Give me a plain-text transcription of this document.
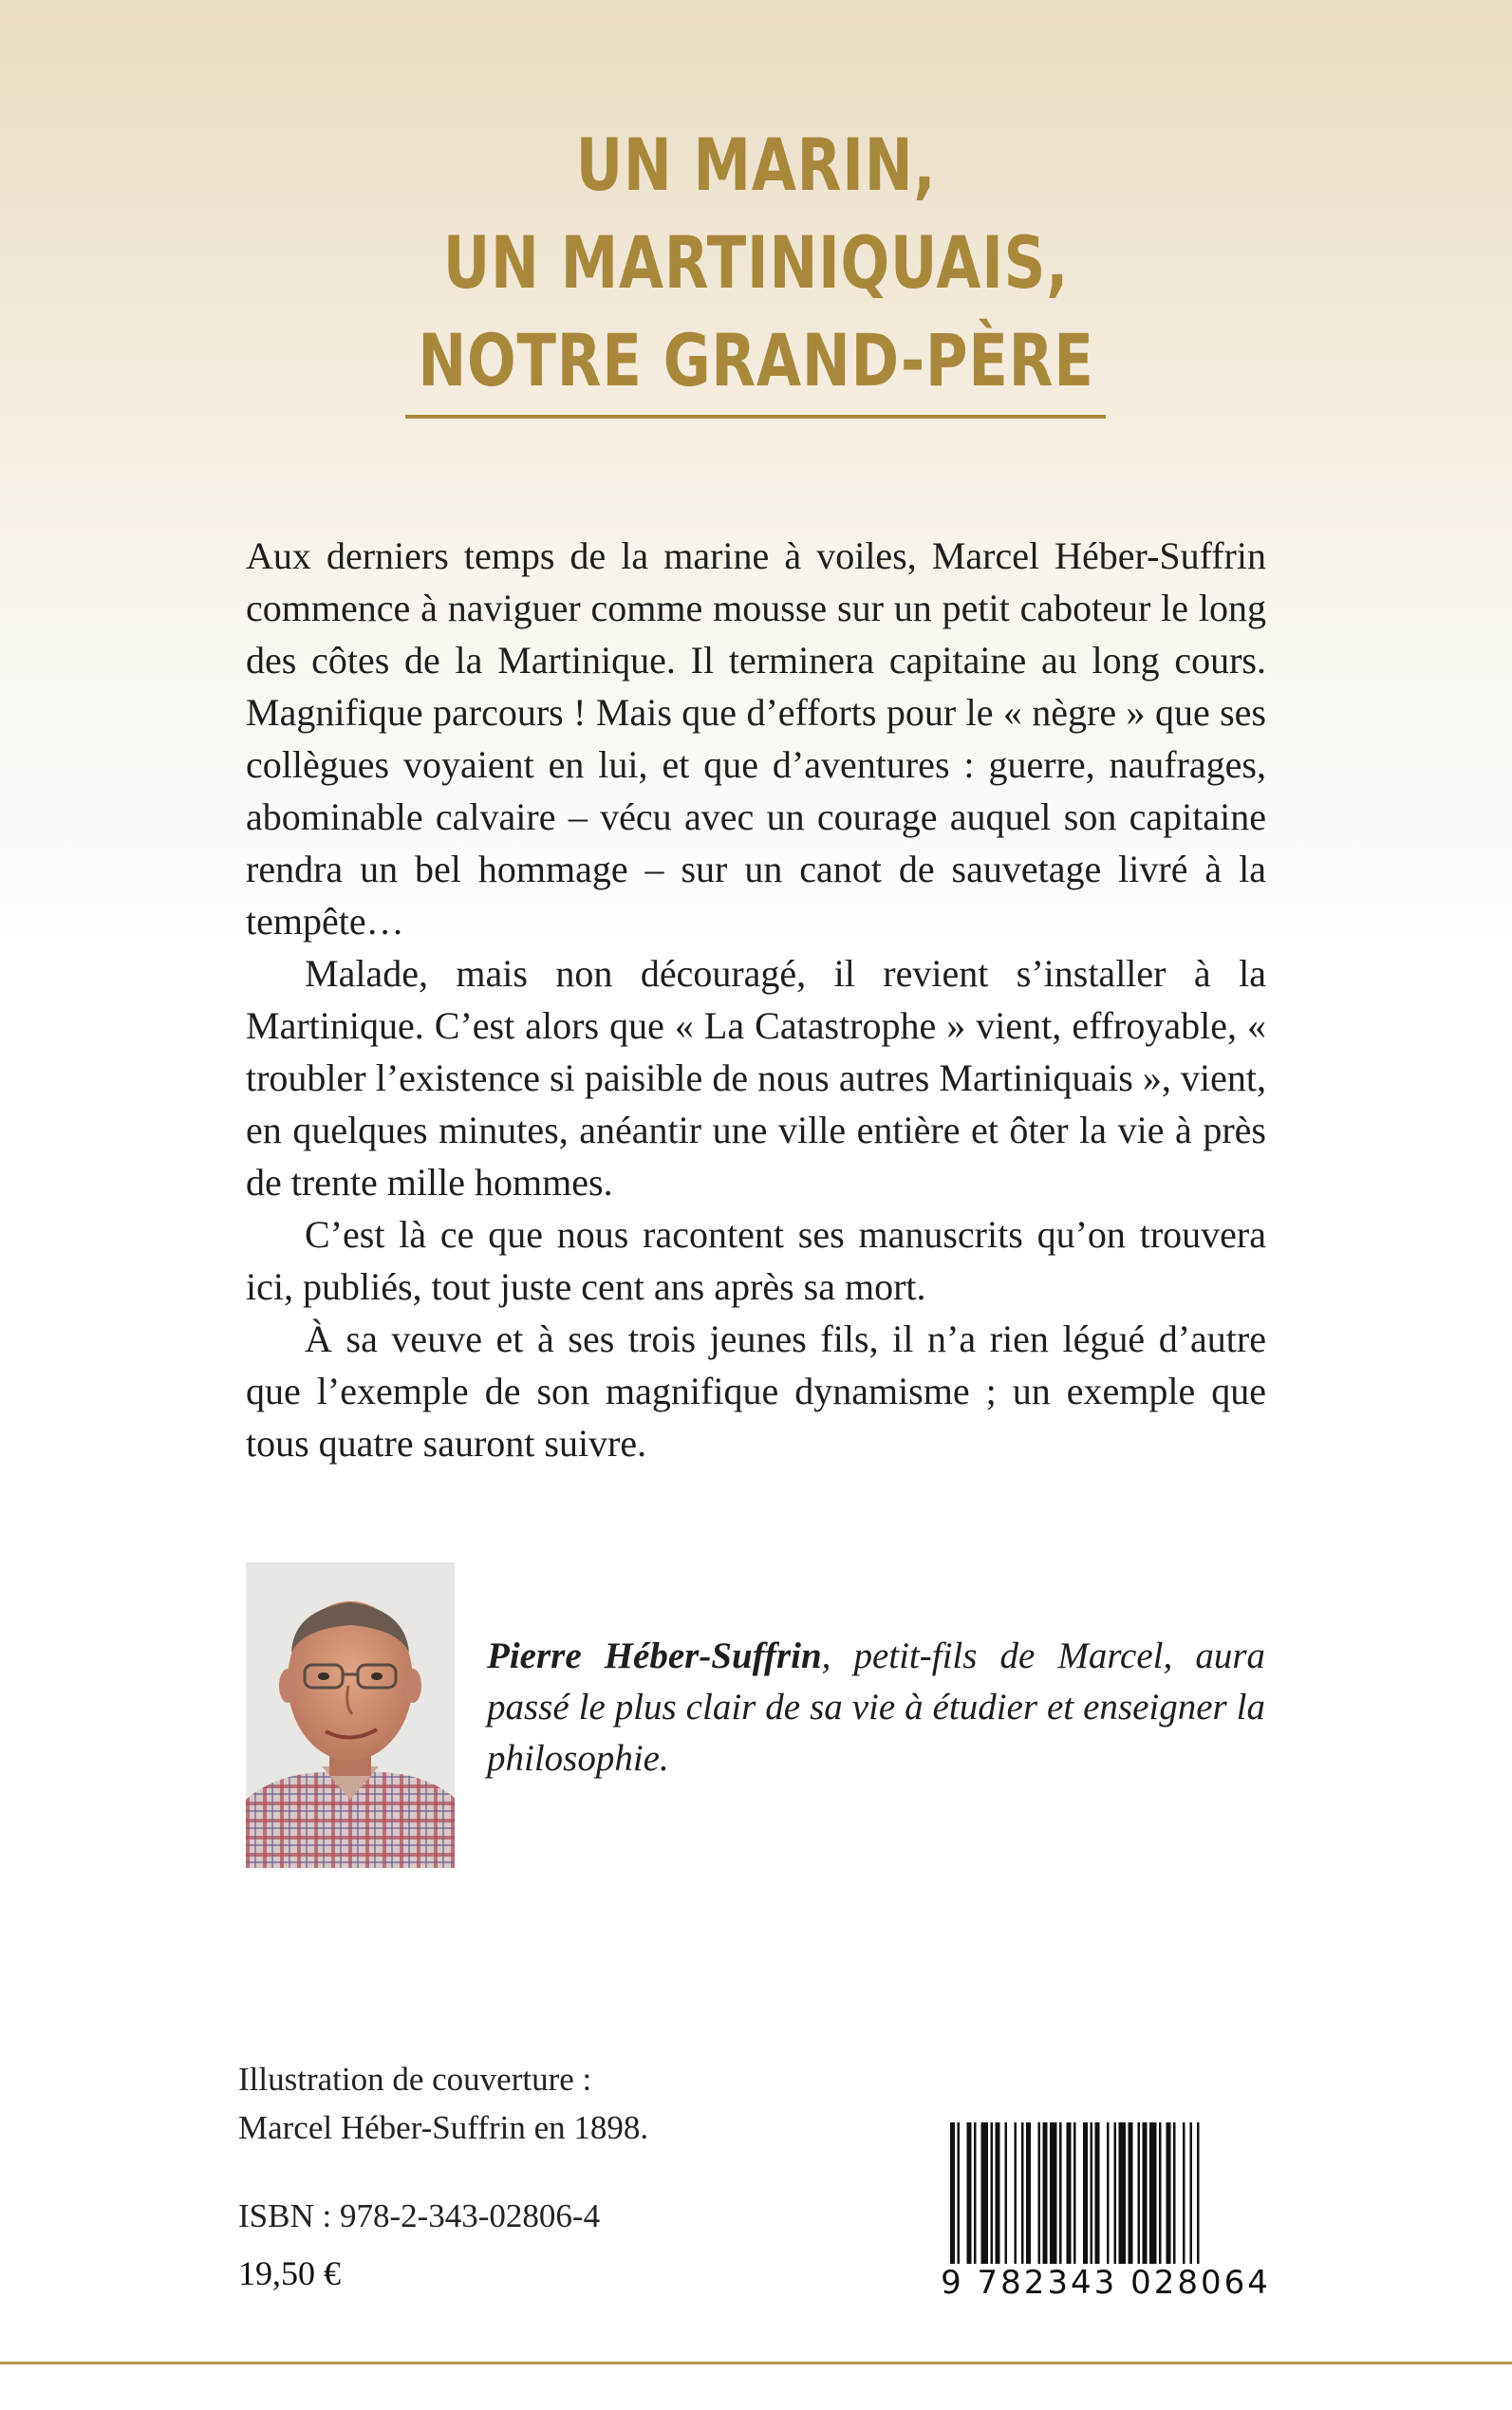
UN MARIN,
UN MARTINIQUAIS,
NOTRE GRAND-PÈRE

Aux derniers temps de la marine à voiles, Marcel Héber-Suffrin commence à naviguer comme mousse sur un petit caboteur le long des côtes de la Martinique. Il terminera capitaine au long cours. Magnifique parcours ! Mais que d’efforts pour le « nègre » que ses collègues voyaient en lui, et que d’aventures : guerre, naufrages, abominable calvaire – vécu avec un courage auquel son capitaine rendra un bel hommage – sur un canot de sauvetage livré à la tempête…

Malade, mais non découragé, il revient s’installer à la Martinique. C’est alors que « La Catastrophe » vient, effroyable, « troubler l’existence si paisible de nous autres Martiniquais », vient, en quelques minutes, anéantir une ville entière et ôter la vie à près de trente mille hommes.

C’est là ce que nous racontent ses manuscrits qu’on trouvera ici, publiés, tout juste cent ans après sa mort.

À sa veuve et à ses trois jeunes fils, il n’a rien légué d’autre que l’exemple de son magnifique dynamisme ; un exemple que tous quatre sauront suivre.

Pierre Héber-Suffrin, petit-fils de Marcel, aura passé le plus clair de sa vie à étudier et enseigner la philosophie.
Illustration de couverture :
Marcel Héber-Suffrin en 1898.
ISBN : 978-2-343-02806-4
19,50 €	9 782343 028064
